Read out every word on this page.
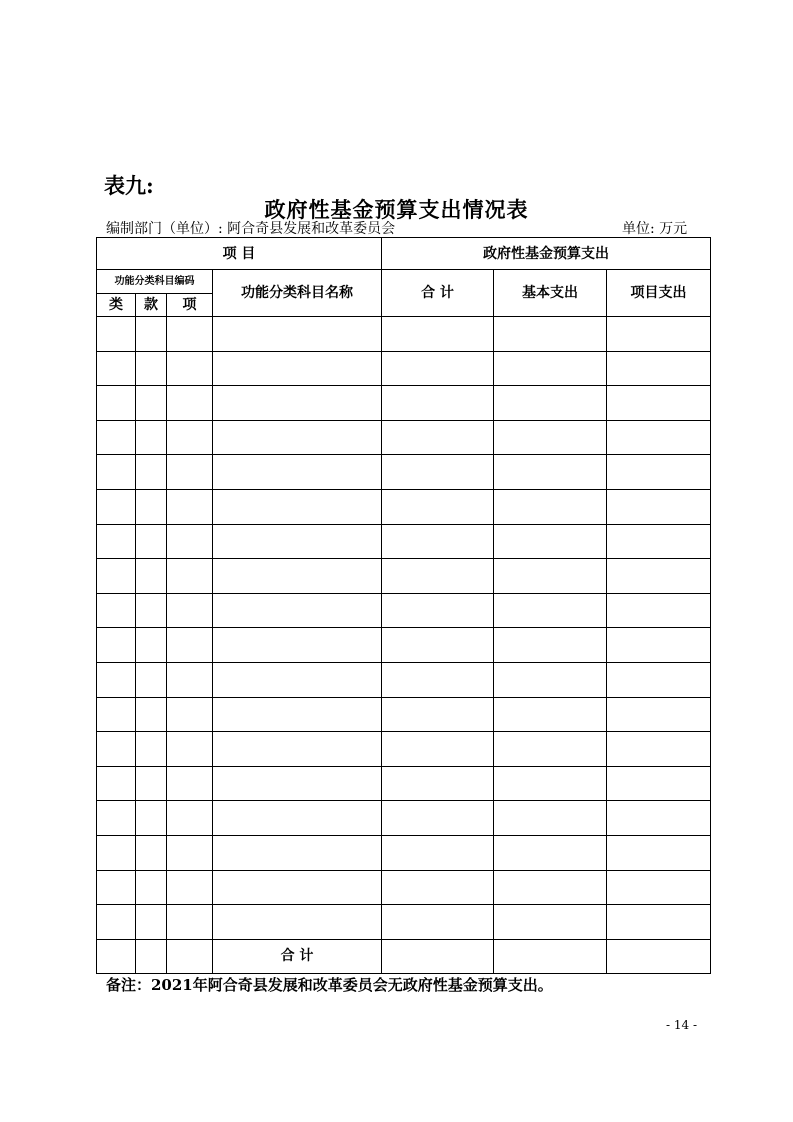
表九:
政府性基金预算支出情况表
编制部门（单位）: 阿合奇县发展和改革委员会	单位: 万元
项 目				政府性基金预算支出		
功能分类科目编码			功能分类科目名称	合 计	基本支出	项目支出
类	款	项				

			合 计			
备注：2021年阿合奇县发展和改革委员会无政府性基金预算支出。
- 14 -
